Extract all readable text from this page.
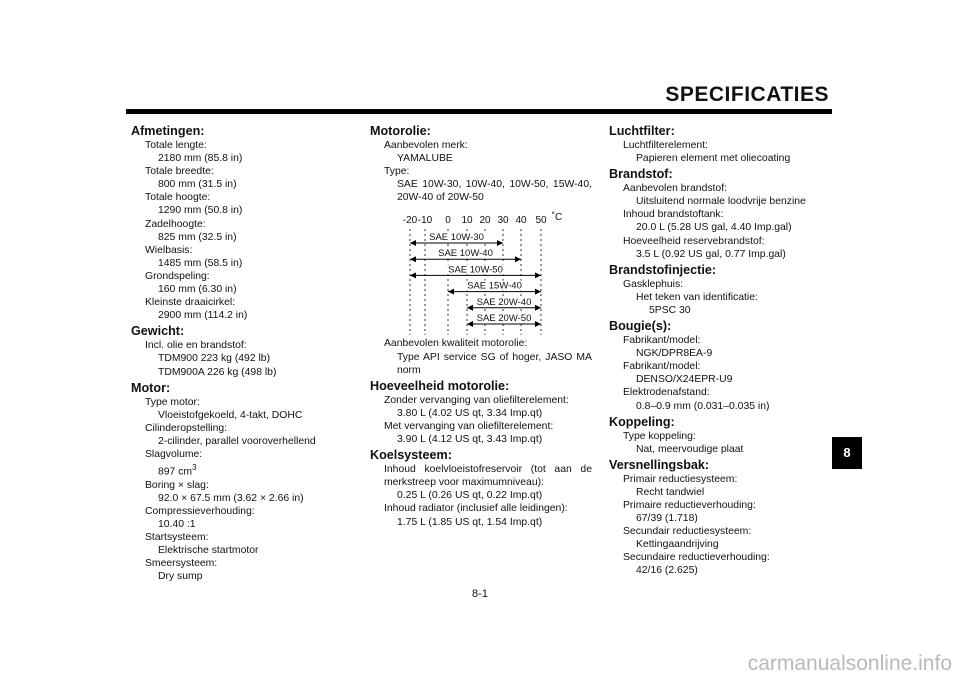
SPECIFICATIES
Afmetingen:
Totale lengte:
2180 mm (85.8 in)
Totale breedte:
800 mm (31.5 in)
Totale hoogte:
1290 mm (50.8 in)
Zadelhoogte:
825 mm (32.5 in)
Wielbasis:
1485 mm (58.5 in)
Grondspeling:
160 mm (6.30 in)
Kleinste draaicirkel:
2900 mm (114.2 in)
Gewicht:
Incl. olie en brandstof:
TDM900 223 kg (492 lb)
TDM900A 226 kg (498 lb)
Motor:
Type motor:
Vloeistofgekoeld, 4-takt, DOHC
Cilinderopstelling:
2-cilinder, parallel vooroverhellend
Slagvolume:
897 $cm^3$
Boring × slag:
92.0 × 67.5 mm (3.62 × 2.66 in)
Compressieverhouding:
10.40 :1
Startsysteem:
Elektrische startmotor
Smeersysteem:
Dry sump
Motorolie:
Aanbevolen merk:
YAMALUBE
Type:
SAE 10W-30, 10W-40, 10W-50, 15W-40, 20W-40 of 20W-50
-20 -10 0 10 20 30 40 50 ˚C
SAE 10W-30
SAE 10W-40
SAE 10W-50
SAE 15W-40
SAE 20W-40
SAE 20W-50
Aanbevolen kwaliteit motorolie:
Type API service SG of hoger, JASO MA norm
Hoeveelheid motorolie:
Zonder vervanging van oliefilterelement:
3.80 L (4.02 US qt, 3.34 Imp.qt)
Met vervanging van oliefilterelement:
3.90 L (4.12 US qt, 3.43 Imp.qt)
Koelsysteem:
Inhoud koelvloeistofreservoir (tot aan de merkstreep voor maximumniveau):
0.25 L (0.26 US qt, 0.22 Imp.qt)
Inhoud radiator (inclusief alle leidingen):
1.75 L (1.85 US qt, 1.54 Imp.qt)
Luchtfilter:
Luchtfilterelement:
Papieren element met oliecoating
Brandstof:
Aanbevolen brandstof:
Uitsluitend normale loodvrije benzine
Inhoud brandstoftank:
20.0 L (5.28 US gal, 4.40 Imp.gal)
Hoeveelheid reservebrandstof:
3.5 L (0.92 US gal, 0.77 Imp.gal)
Brandstofinjectie:
Gasklephuis:
Het teken van identificatie:
5PSC 30
Bougie(s):
Fabrikant/model:
NGK/DPR8EA-9
Fabrikant/model:
DENSO/X24EPR-U9
Elektrodenafstand:
0.8–0.9 mm (0.031–0.035 in)
Koppeling:
Type koppeling:
Nat, meervoudige plaat
Versnellingsbak:
Primair reductiesysteem:
Recht tandwiel
Primaire reductieverhouding:
67/39 (1.718)
Secundair reductiesysteem:
Kettingaandrijving
Secundaire reductieverhouding:
42/16 (2.625)
8-1
8
carmanualsonline.info
